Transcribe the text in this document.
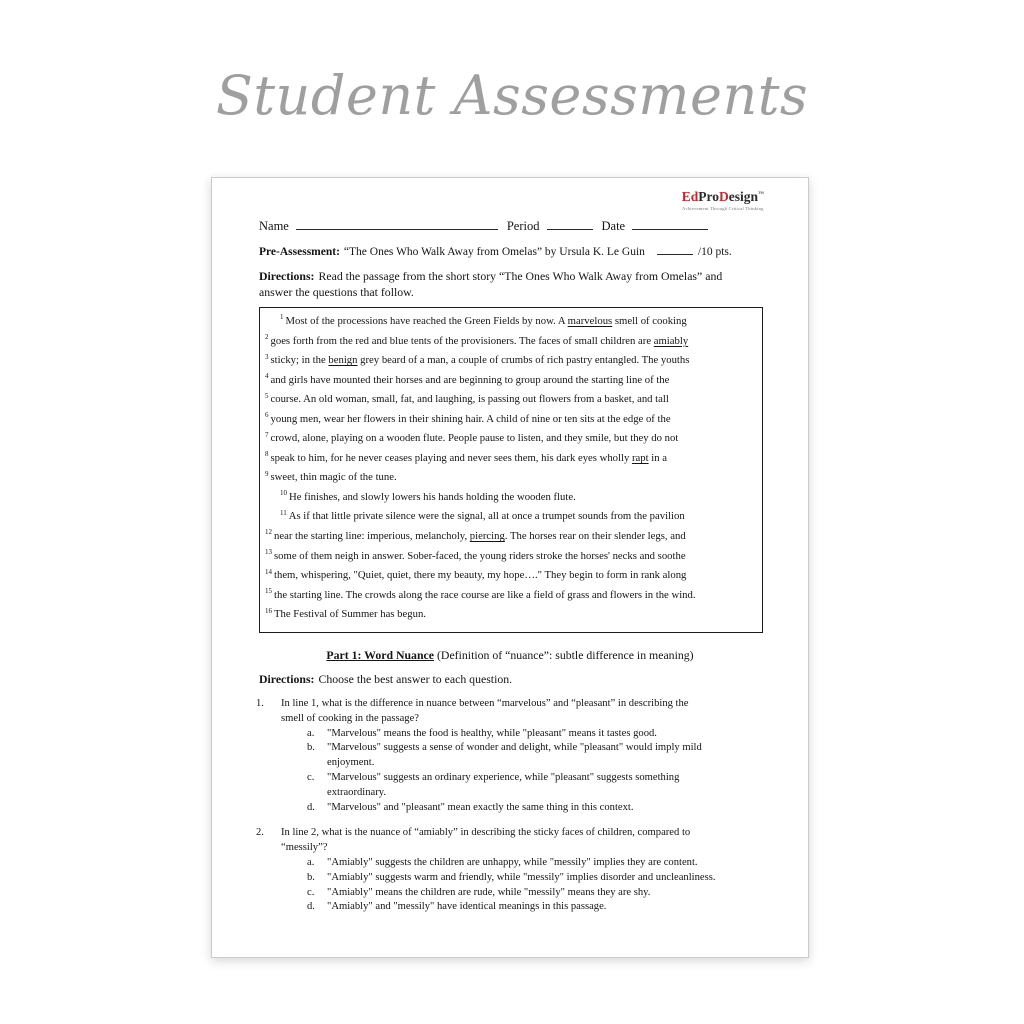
Student Assessments
EdProDesign™
Achievement Through Critical Thinking
Name	Period	Date
Pre-Assessment: “The Ones Who Walk Away from Omelas” by Ursula K. Le Guin	/10 pts.
Directions: Read the passage from the short story “The Ones Who Walk Away from Omelas” and
answer the questions that follow.
$^1$ Most of the processions have reached the Green Fields by now. A marvelous smell of cooking
$^2$ goes forth from the red and blue tents of the provisioners. The faces of small children are amiably
$^3$ sticky; in the benign grey beard of a man, a couple of crumbs of rich pastry entangled. The youths
$^4$ and girls have mounted their horses and are beginning to group around the starting line of the
$^5$ course. An old woman, small, fat, and laughing, is passing out flowers from a basket, and tall
$^6$ young men, wear her flowers in their shining hair. A child of nine or ten sits at the edge of the
$^7$ crowd, alone, playing on a wooden flute. People pause to listen, and they smile, but they do not
$^8$ speak to him, for he never ceases playing and never sees them, his dark eyes wholly rapt in a
$^9$ sweet, thin magic of the tune.
$^{10}$ He finishes, and slowly lowers his hands holding the wooden flute.
$^{11}$ As if that little private silence were the signal, all at once a trumpet sounds from the pavilion
$^{12}$ near the starting line: imperious, melancholy, piercing. The horses rear on their slender legs, and
$^{13}$ some of them neigh in answer. Sober-faced, the young riders stroke the horses' necks and soothe
$^{14}$ them, whispering, "Quiet, quiet, there my beauty, my hope…." They begin to form in rank along
$^{15}$ the starting line. The crowds along the race course are like a field of grass and flowers in the wind.
$^{16}$ The Festival of Summer has begun.
Part 1: Word Nuance (Definition of “nuance”: subtle difference in meaning)
Directions: Choose the best answer to each question.
1.	In line 1, what is the difference in nuance between “marvelous” and “pleasant” in describing the
smell of cooking in the passage?
a.	"Marvelous" means the food is healthy, while "pleasant" means it tastes good.
b.	"Marvelous" suggests a sense of wonder and delight, while "pleasant" would imply mild
enjoyment.
c.	"Marvelous" suggests an ordinary experience, while "pleasant" suggests something
extraordinary.
d.	"Marvelous" and "pleasant" mean exactly the same thing in this context.
2.	In line 2, what is the nuance of “amiably” in describing the sticky faces of children, compared to
“messily”?
a.	"Amiably" suggests the children are unhappy, while "messily" implies they are content.
b.	"Amiably" suggests warm and friendly, while "messily" implies disorder and uncleanliness.
c.	"Amiably" means the children are rude, while "messily" means they are shy.
d.	"Amiably" and "messily" have identical meanings in this passage.
